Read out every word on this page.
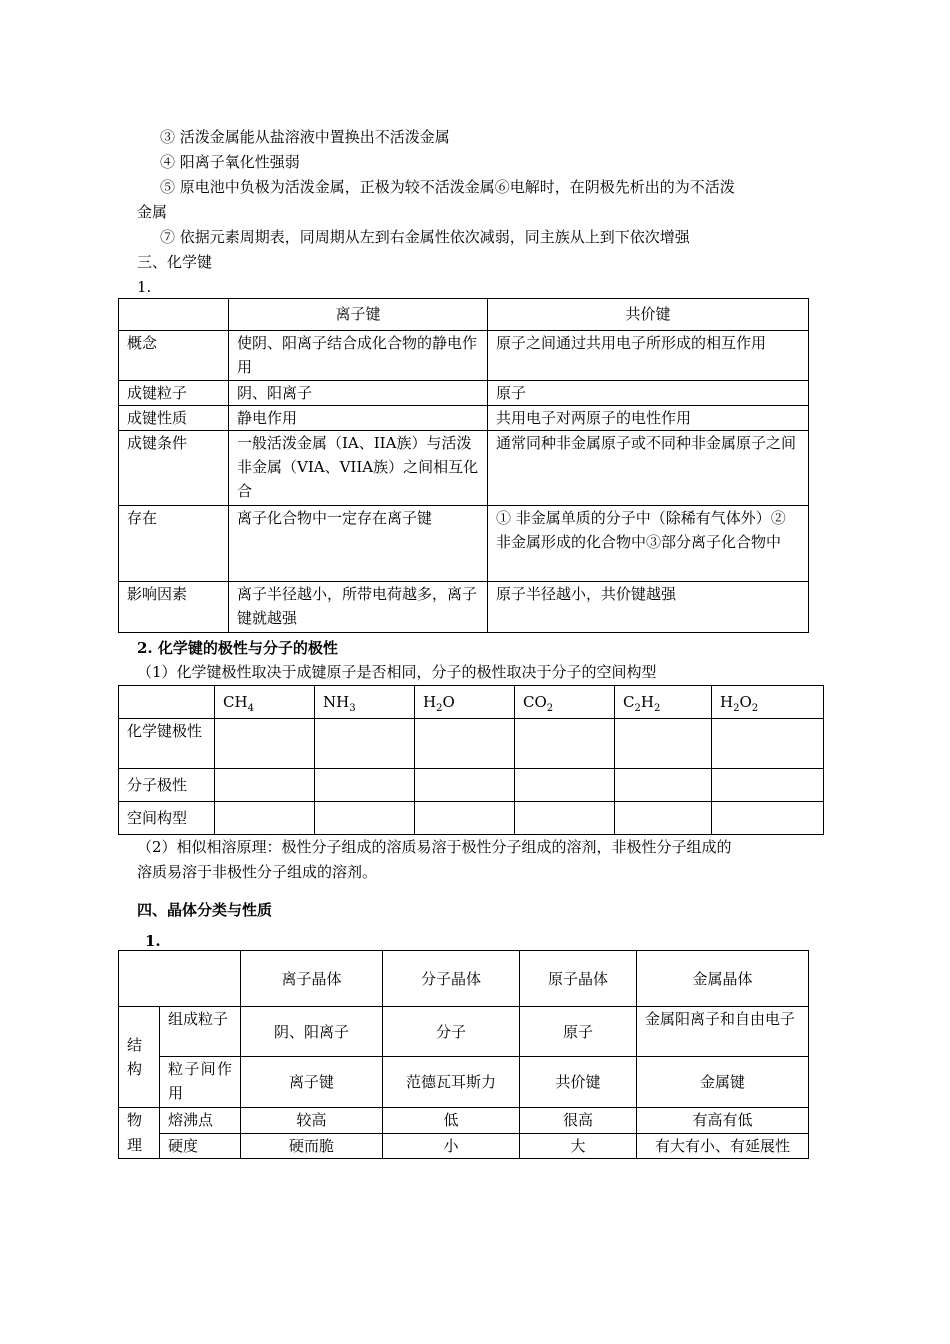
③ 活泼金属能从盐溶液中置换出不活泼金属
④ 阳离子氧化性强弱
⑤ 原电池中负极为活泼金属，正极为较不活泼金属⑥电解时，在阴极先析出的为不活泼
金属
⑦ 依据元素周期表，同周期从左到右金属性依次减弱，同主族从上到下依次增强
三、化学键
1.
	离子键	共价键
概念	使阴、阳离子结合成化合物的静电作用	原子之间通过共用电子所形成的相互作用
成键粒子	阴、阳离子	原子
成键性质	静电作用	共用电子对两原子的电性作用
成键条件	一般活泼金属（IA、IIA族）与活泼非金属（VIA、VIIA族）之间相互化合	通常同种非金属原子或不同种非金属原子之间
存在	离子化合物中一定存在离子键	① 非金属单质的分子中（除稀有气体外）②非金属形成的化合物中③部分离子化合物中
影响因素	离子半径越小，所带电荷越多，离子键就越强	原子半径越小，共价键越强
2. 化学键的极性与分子的极性
（1）化学键极性取决于成键原子是否相同，分子的极性取决于分子的空间构型
	$CH_4$	$NH_3$	$H_2O$	$CO_2$	$C_2H_2$	$H_2O_2$
化学键极性						
分子极性						
空间构型						
（2）相似相溶原理：极性分子组成的溶质易溶于极性分子组成的溶剂，非极性分子组成的
溶质易溶于非极性分子组成的溶剂。
四、晶体分类与性质
1.
		离子晶体	分子晶体	原子晶体	金属晶体
结构	组成粒子	阴、阳离子	分子	原子	金属阳离子和自由电子
	粒子间作用	离子键	范德瓦耳斯力	共价键	金属键
物理	熔沸点	较高	低	很高	有高有低
	硬度	硬而脆	小	大	有大有小、有延展性
